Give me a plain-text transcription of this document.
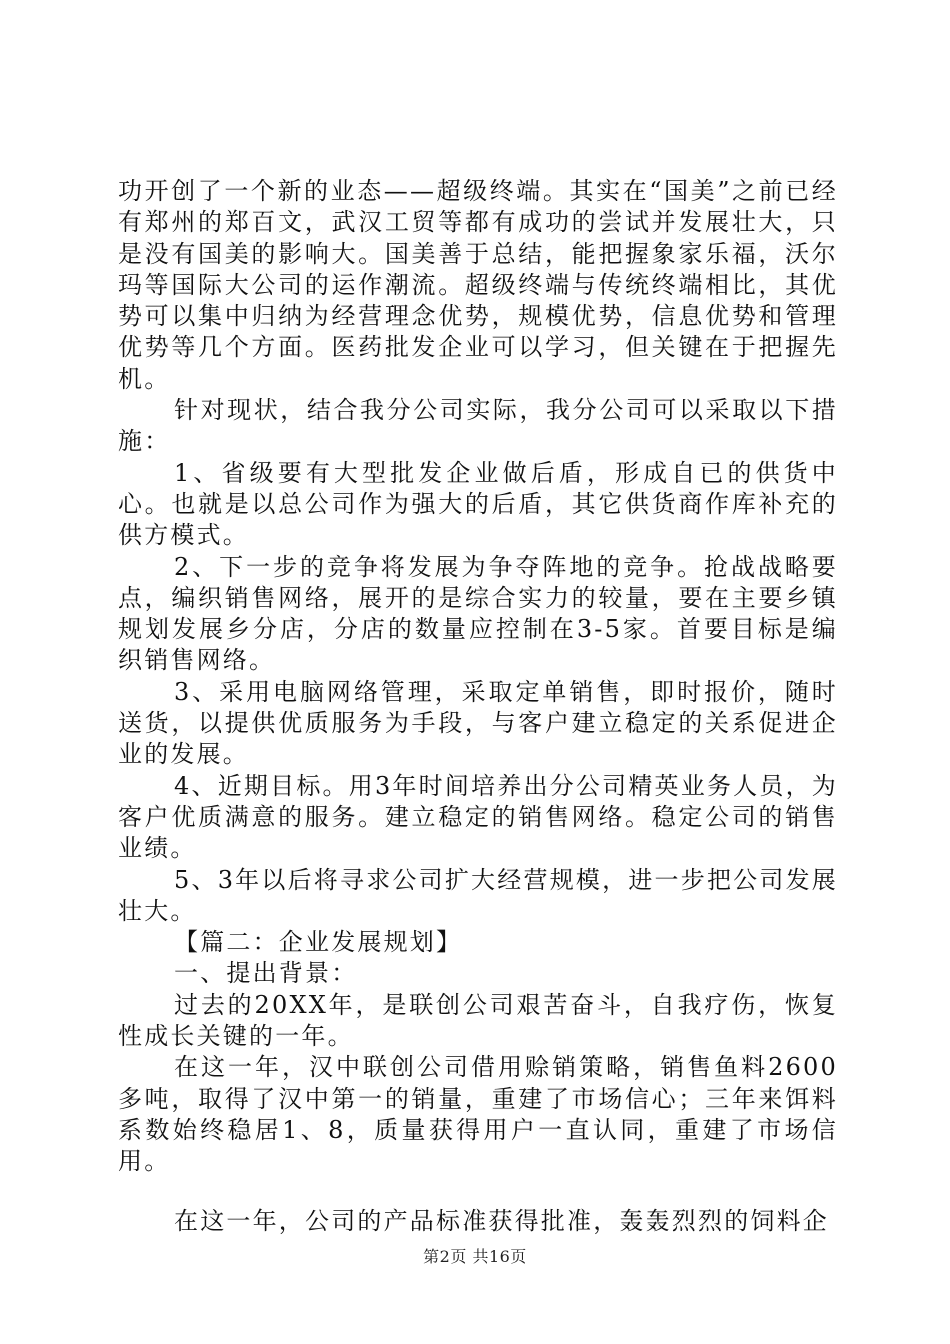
功开创了一个新的业态——超级终端。其实在“国美”之前已经有郑州的郑百文，武汉工贸等都有成功的尝试并发展壮大，只是没有国美的影响大。国美善于总结，能把握象家乐福，沃尔玛等国际大公司的运作潮流。超级终端与传统终端相比，其优势可以集中归纳为经营理念优势，规模优势，信息优势和管理优势等几个方面。医药批发企业可以学习，但关键在于把握先机。

针对现状，结合我分公司实际，我分公司可以采取以下措施：

1、省级要有大型批发企业做后盾，形成自已的供货中心。也就是以总公司作为强大的后盾，其它供货商作库补充的供方模式。

2、下一步的竞争将发展为争夺阵地的竞争。抢战战略要点，编织销售网络，展开的是综合实力的较量，要在主要乡镇规划发展乡分店，分店的数量应控制在3-5家。首要目标是编织销售网络。

3、采用电脑网络管理，采取定单销售，即时报价，随时送货，以提供优质服务为手段，与客户建立稳定的关系促进企业的发展。

4、近期目标。用3年时间培养出分公司精英业务人员，为客户优质满意的服务。建立稳定的销售网络。稳定公司的销售业绩。

5、3年以后将寻求公司扩大经营规模，进一步把公司发展壮大。

【篇二：企业发展规划】

一、提出背景：

过去的20XX年，是联创公司艰苦奋斗，自我疗伤，恢复性成长关键的一年。

在这一年，汉中联创公司借用赊销策略，销售鱼料2600多吨，取得了汉中第一的销量，重建了市场信心；三年来饵料系数始终稳居1、8，质量获得用户一直认同，重建了市场信用。

在这一年，公司的产品标准获得批准，轰轰烈烈的饲料企

第2页 共16页
